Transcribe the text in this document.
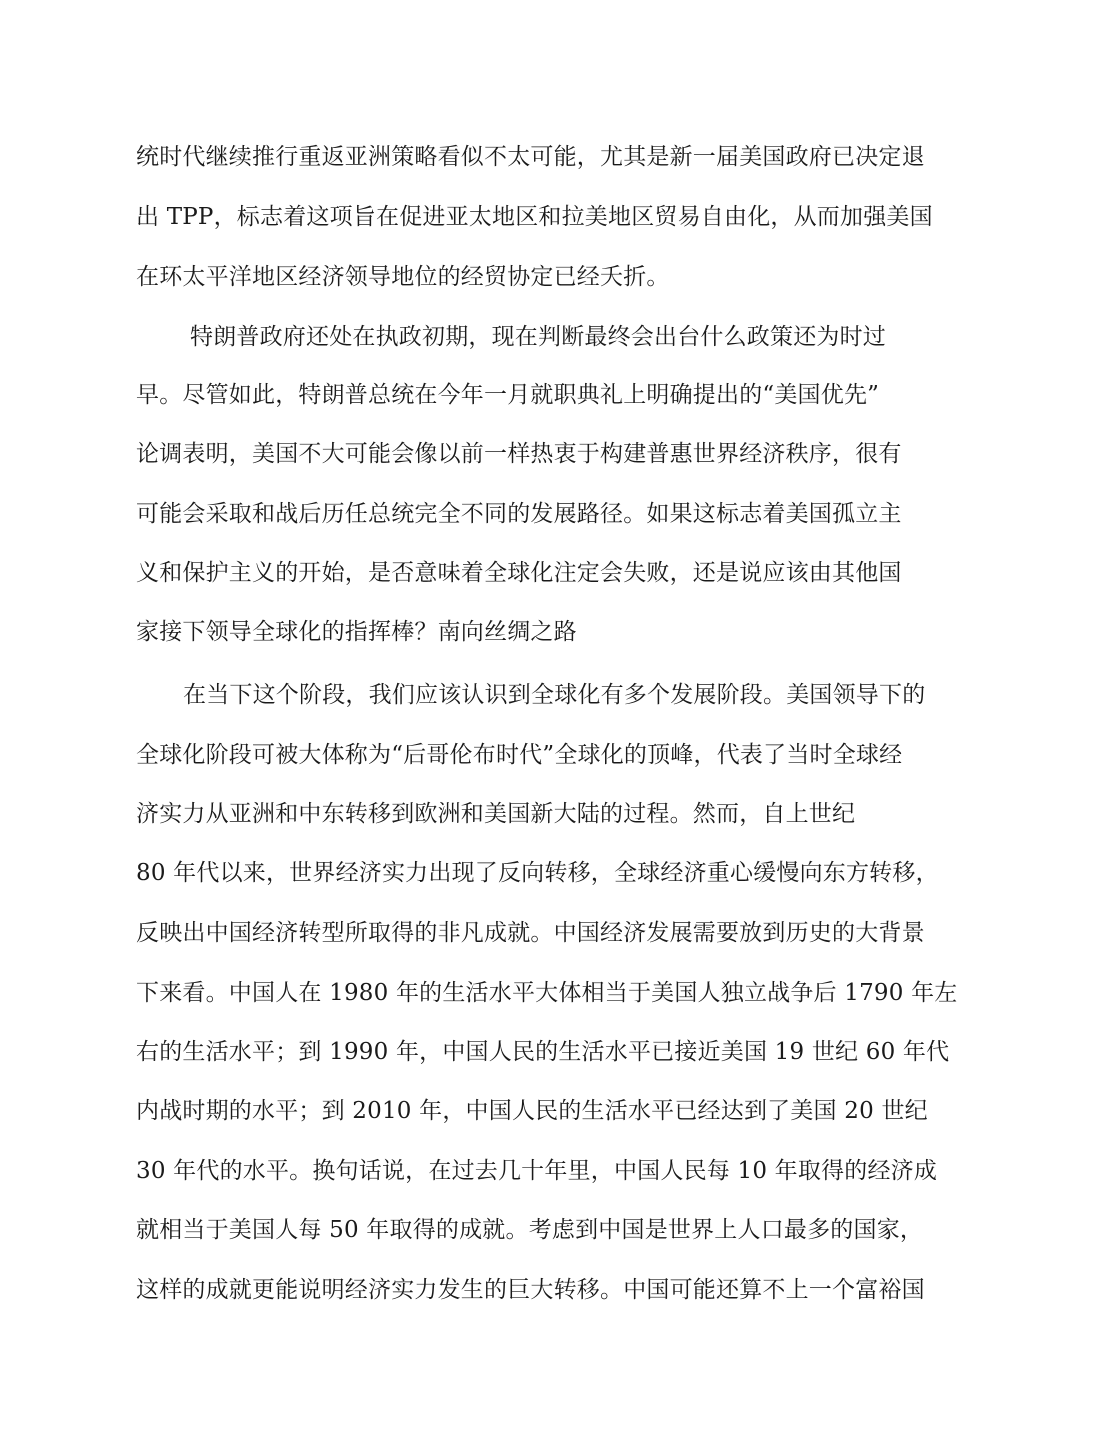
统时代继续推行重返亚洲策略看似不太可能，尤其是新一届美国政府已决定退
出 TPP，标志着这项旨在促进亚太地区和拉美地区贸易自由化，从而加强美国
在环太平洋地区经济领导地位的经贸协定已经夭折。
特朗普政府还处在执政初期，现在判断最终会出台什么政策还为时过
早。尽管如此，特朗普总统在今年一月就职典礼上明确提出的“美国优先”
论调表明，美国不大可能会像以前一样热衷于构建普惠世界经济秩序，很有
可能会采取和战后历任总统完全不同的发展路径。如果这标志着美国孤立主
义和保护主义的开始，是否意味着全球化注定会失败，还是说应该由其他国
家接下领导全球化的指挥棒？南向丝绸之路
在当下这个阶段，我们应该认识到全球化有多个发展阶段。美国领导下的
全球化阶段可被大体称为“后哥伦布时代”全球化的顶峰，代表了当时全球经
济实力从亚洲和中东转移到欧洲和美国新大陆的过程。然而，自上世纪
80 年代以来，世界经济实力出现了反向转移，全球经济重心缓慢向东方转移，
反映出中国经济转型所取得的非凡成就。中国经济发展需要放到历史的大背景
下来看。中国人在 1980 年的生活水平大体相当于美国人独立战争后 1790 年左
右的生活水平；到 1990 年，中国人民的生活水平已接近美国 19 世纪 60 年代
内战时期的水平；到 2010 年，中国人民的生活水平已经达到了美国 20 世纪
30 年代的水平。换句话说，在过去几十年里，中国人民每 10 年取得的经济成
就相当于美国人每 50 年取得的成就。考虑到中国是世界上人口最多的国家，
这样的成就更能说明经济实力发生的巨大转移。中国可能还算不上一个富裕国
